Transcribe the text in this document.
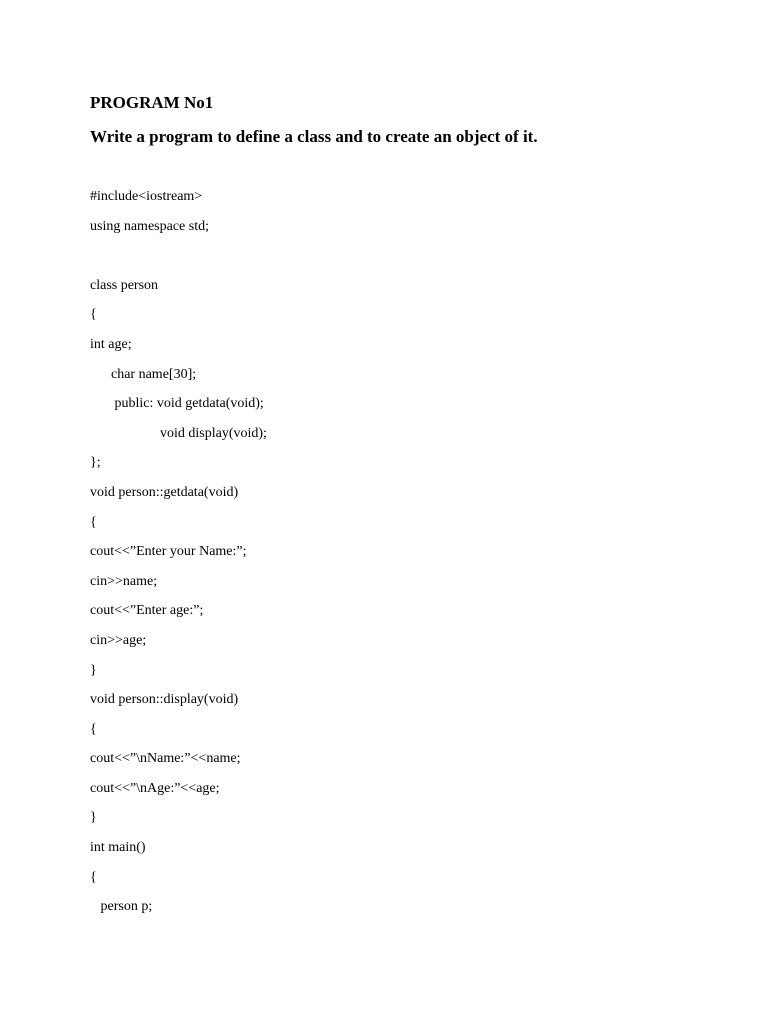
PROGRAM No1
Write a program to define a class and to create an object of it.
#include<iostream>
using namespace std;
class person
{
int age;
char name[30];
public: void getdata(void);
void display(void);
};
void person::getdata(void)
{
cout<<”Enter your Name:”;
cin>>name;
cout<<”Enter age:”;
cin>>age;
}
void person::display(void)
{
cout<<”\nName:”<<name;
cout<<”\nAge:”<<age;
}
int main()
{
person p;
